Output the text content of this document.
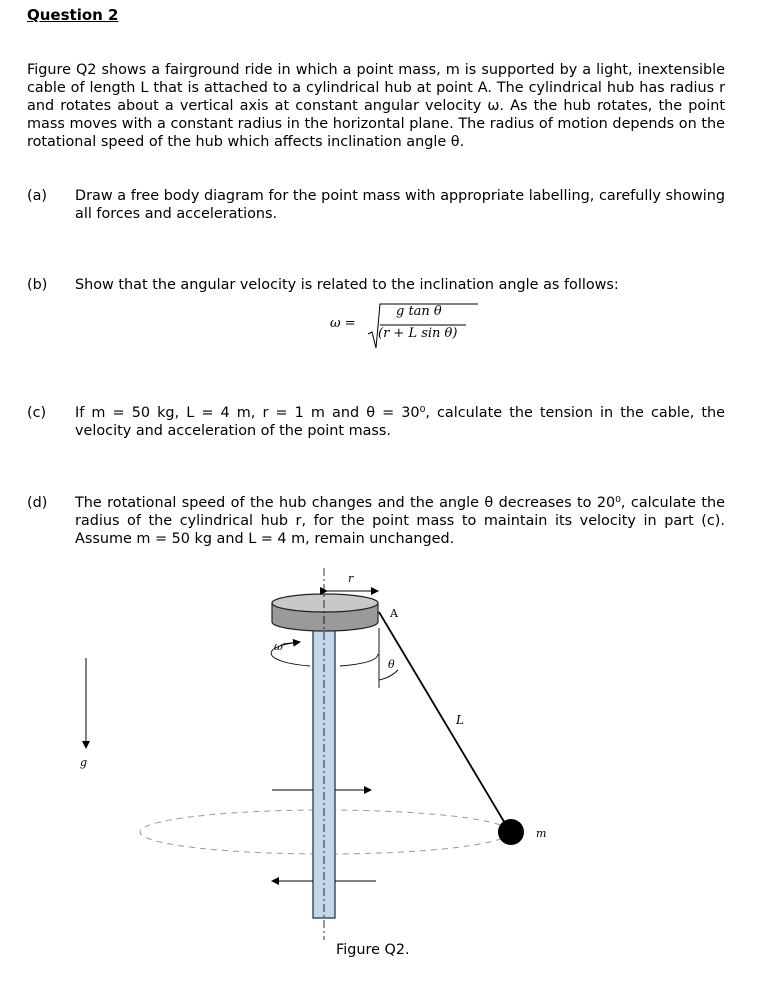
Question 2
Figure Q2 shows a fairground ride in which a point mass, m is supported by a light, inextensible cable of length L that is attached to a cylindrical hub at point A. The cylindrical hub has radius r and rotates about a vertical axis at constant angular velocity ω. As the hub rotates, the point mass moves with a constant radius in the horizontal plane. The radius of motion depends on the rotational speed of the hub which affects inclination angle θ.
(a) Draw a free body diagram for the point mass with appropriate labelling, carefully showing all forces and accelerations.
(b) Show that the angular velocity is related to the inclination angle as follows:
ω =
g tan θ
(r + L sin θ)
(c) If m = 50 kg, L = 4 m, r = 1 m and θ = 30⁰, calculate the tension in the cable, the velocity and acceleration of the point mass.
(d) The rotational speed of the hub changes and the angle θ decreases to 20⁰, calculate the radius of the cylindrical hub r, for the point mass to maintain its velocity in part (c). Assume m = 50 kg and L = 4 m, remain unchanged.
r
A
θ
L
m
ω
g
Figure Q2.
